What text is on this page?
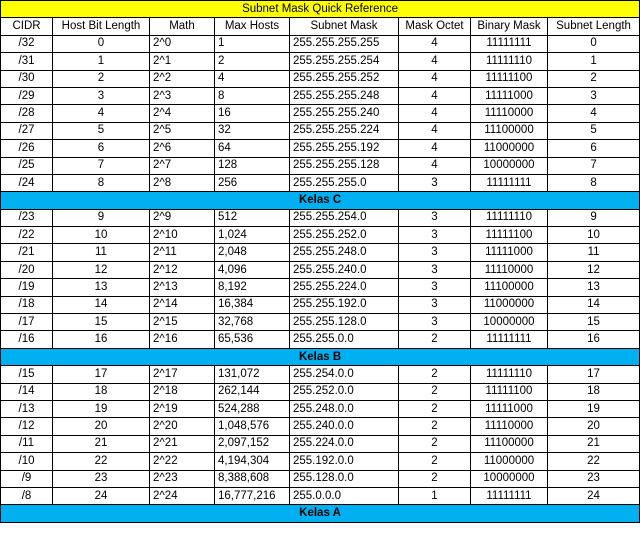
Subnet Mask Quick Reference							
CIDR	Host Bit Length	Math	Max Hosts	Subnet Mask	Mask Octet	Binary Mask	Subnet Length
/32	0	2^0	1	255.255.255.255	4	11111111	0
/31	1	2^1	2	255.255.255.254	4	11111110	1
/30	2	2^2	4	255.255.255.252	4	11111100	2
/29	3	2^3	8	255.255.255.248	4	11111000	3
/28	4	2^4	16	255.255.255.240	4	11110000	4
/27	5	2^5	32	255.255.255.224	4	11100000	5
/26	6	2^6	64	255.255.255.192	4	11000000	6
/25	7	2^7	128	255.255.255.128	4	10000000	7
/24	8	2^8	256	255.255.255.0	3	11111111	8
Kelas C							
/23	9	2^9	512	255.255.254.0	3	11111110	9
/22	10	2^10	1,024	255.255.252.0	3	11111100	10
/21	11	2^11	2,048	255.255.248.0	3	11111000	11
/20	12	2^12	4,096	255.255.240.0	3	11110000	12
/19	13	2^13	8,192	255.255.224.0	3	11100000	13
/18	14	2^14	16,384	255.255.192.0	3	11000000	14
/17	15	2^15	32,768	255.255.128.0	3	10000000	15
/16	16	2^16	65,536	255.255.0.0	2	11111111	16
Kelas B							
/15	17	2^17	131,072	255.254.0.0	2	11111110	17
/14	18	2^18	262,144	255.252.0.0	2	11111100	18
/13	19	2^19	524,288	255.248.0.0	2	11111000	19
/12	20	2^20	1,048,576	255.240.0.0	2	11110000	20
/11	21	2^21	2,097,152	255.224.0.0	2	11100000	21
/10	22	2^22	4,194,304	255.192.0.0	2	11000000	22
/9	23	2^23	8,388,608	255.128.0.0	2	10000000	23
/8	24	2^24	16,777,216	255.0.0.0	1	11111111	24
Kelas A							
